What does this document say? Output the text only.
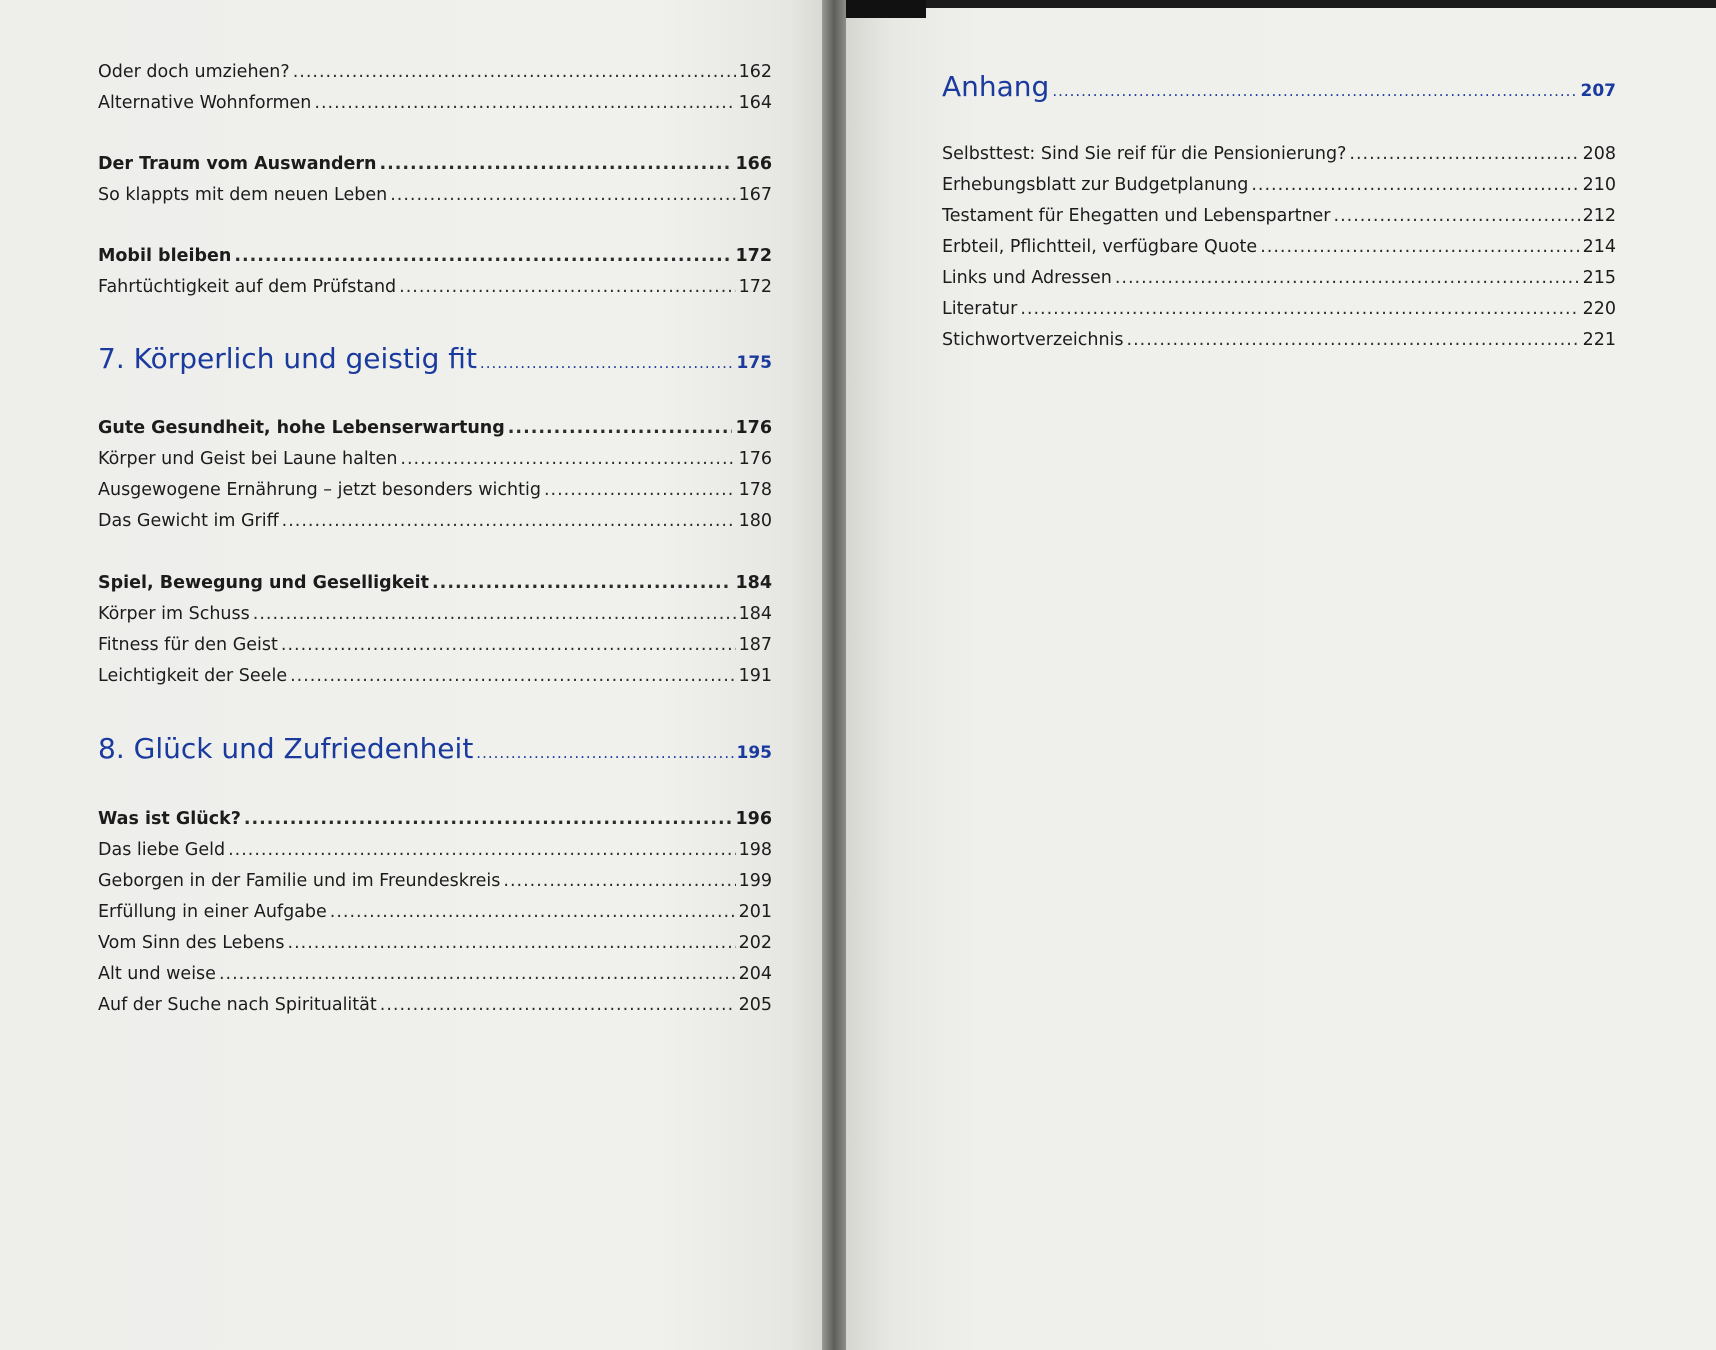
Oder doch umziehen? .....	162
Alternative Wohnformen .....	164
Der Traum vom Auswandern .....	166
So klappts mit dem neuen Leben .....	167
Mobil bleiben .....	172
Fahrtüchtigkeit auf dem Prüfstand .....	172
7. Körperlich und geistig fit .....	175
Gute Gesundheit, hohe Lebenserwartung .....	176
Körper und Geist bei Laune halten .....	176
Ausgewogene Ernährung – jetzt besonders wichtig .....	178
Das Gewicht im Griff .....	180
Spiel, Bewegung und Geselligkeit .....	184
Körper im Schuss .....	184
Fitness für den Geist .....	187
Leichtigkeit der Seele .....	191
8. Glück und Zufriedenheit .....	195
Was ist Glück? .....	196
Das liebe Geld .....	198
Geborgen in der Familie und im Freundeskreis .....	199
Erfüllung in einer Aufgabe .....	201
Vom Sinn des Lebens .....	202
Alt und weise .....	204
Auf der Suche nach Spiritualität .....	205
Anhang .....	207
Selbsttest: Sind Sie reif für die Pensionierung? .....	208
Erhebungsblatt zur Budgetplanung .....	210
Testament für Ehegatten und Lebenspartner .....	212
Erbteil, Pflichtteil, verfügbare Quote .....	214
Links und Adressen .....	215
Literatur .....	220
Stichwortverzeichnis .....	221
